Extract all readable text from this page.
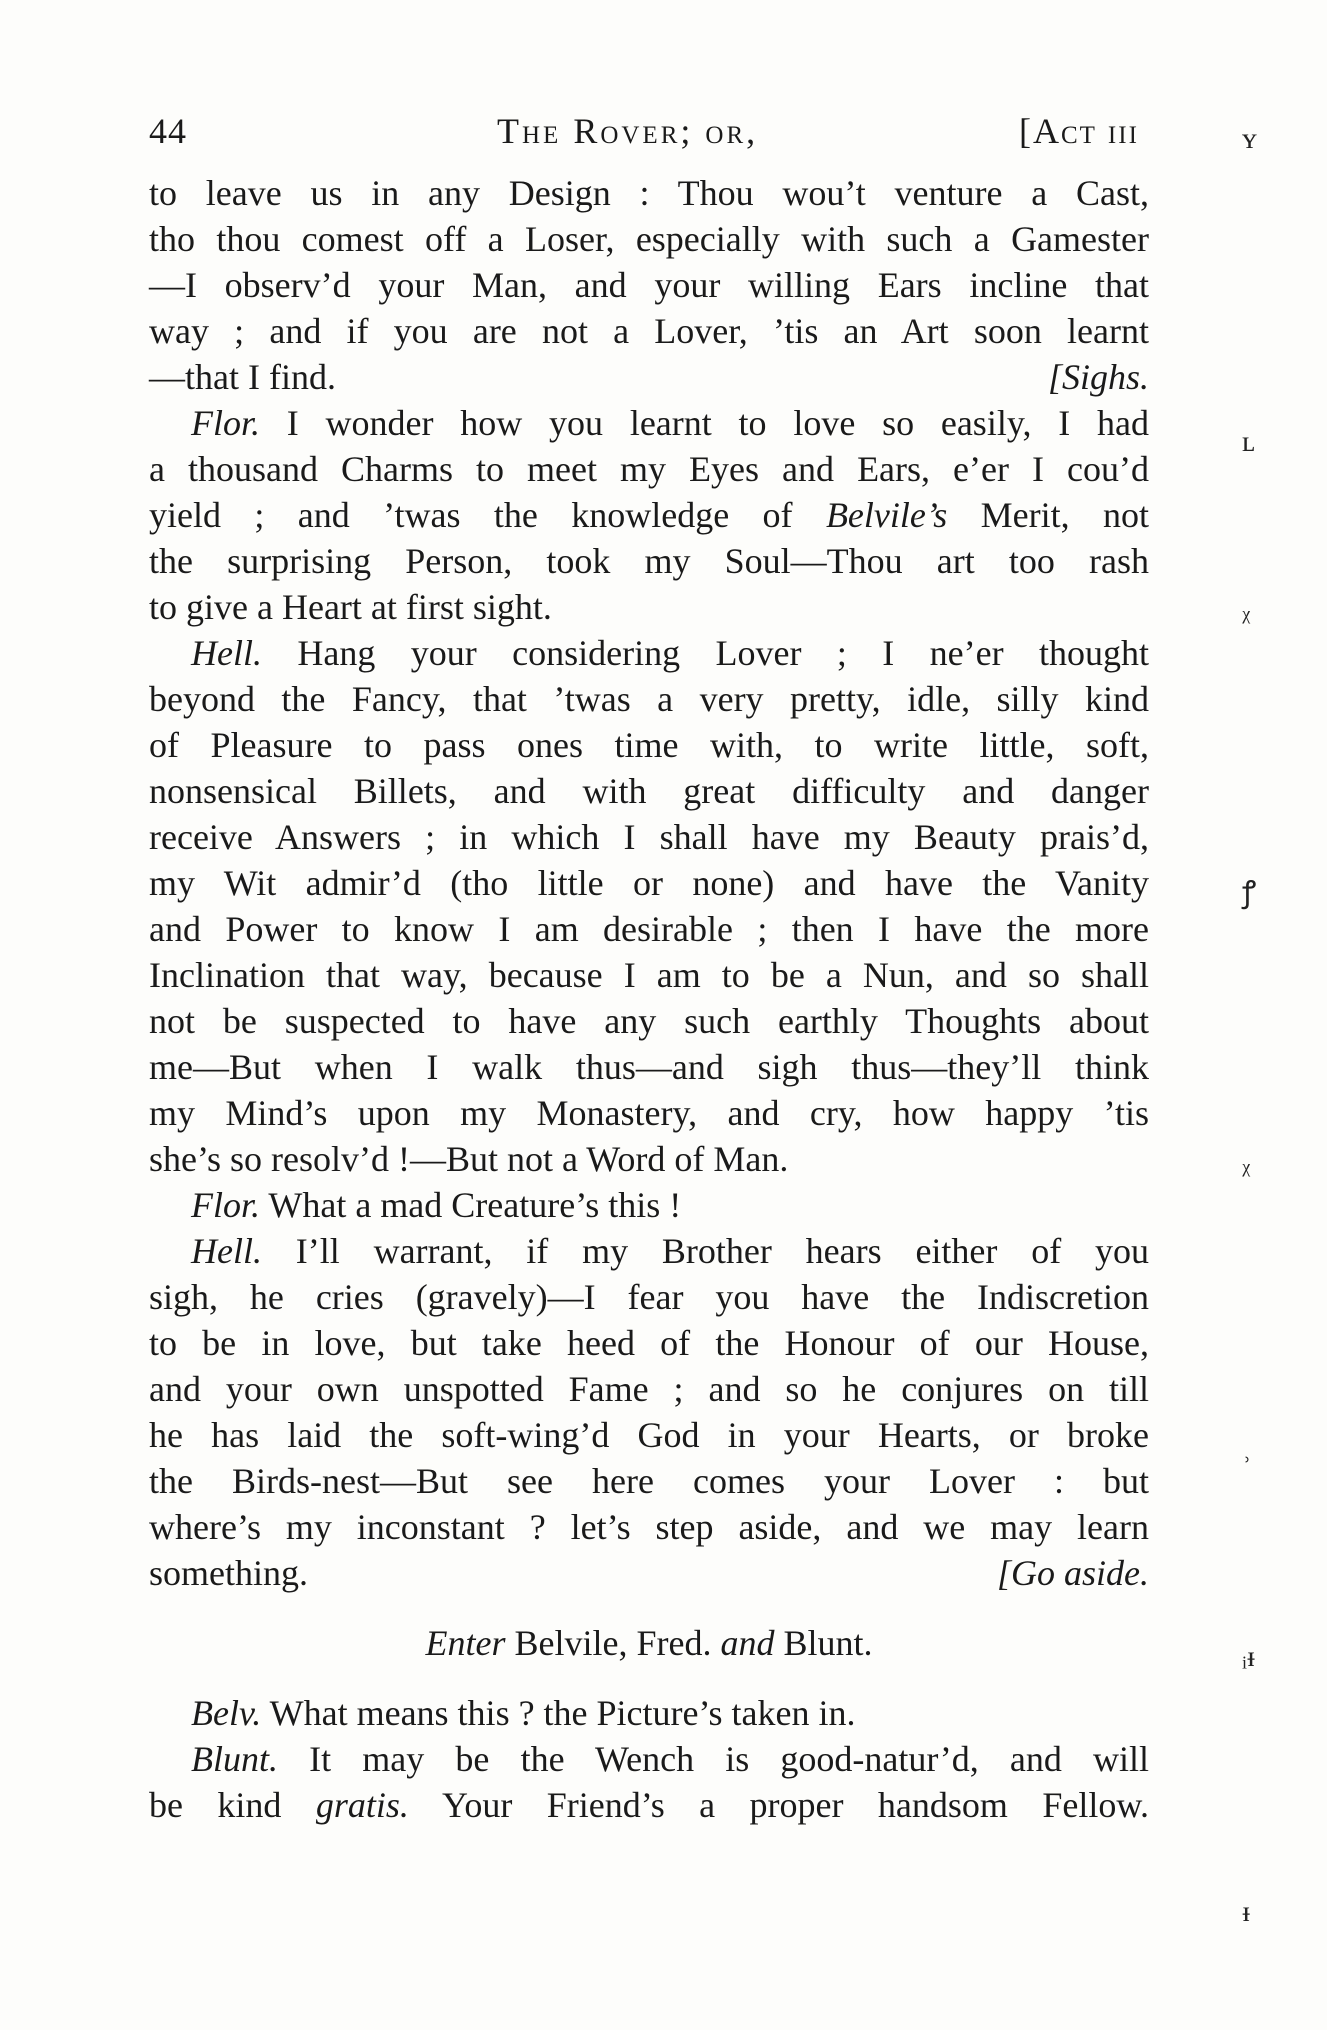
44	The Rover; or,	[Act iii
to leave us in any Design : Thou wou’t venture a Cast,
tho thou comest off a Loser, especially with such a Gamester
—I observ’d your Man, and your willing Ears incline that
way ; and if you are not a Lover, ’tis an Art soon learnt
—that I find.	[Sighs.
Flor. I wonder how you learnt to love so easily, I had
a thousand Charms to meet my Eyes and Ears, e’er I cou’d
yield ; and ’twas the knowledge of Belvile’s Merit, not
the surprising Person, took my Soul—Thou art too rash
to give a Heart at first sight.
Hell. Hang your considering Lover ; I ne’er thought
beyond the Fancy, that ’twas a very pretty, idle, silly kind
of Pleasure to pass ones time with, to write little, soft,
nonsensical Billets, and with great difficulty and danger
receive Answers ; in which I shall have my Beauty prais’d,
my Wit admir’d (tho little or none) and have the Vanity
and Power to know I am desirable ; then I have the more
Inclination that way, because I am to be a Nun, and so shall
not be suspected to have any such earthly Thoughts about
me—But when I walk thus—and sigh thus—they’ll think
my Mind’s upon my Monastery, and cry, how happy ’tis
she’s so resolv’d !—But not a Word of Man.
Flor. What a mad Creature’s this !
Hell. I’ll warrant, if my Brother hears either of you
sigh, he cries (gravely)—I fear you have the Indiscretion
to be in love, but take heed of the Honour of our House,
and your own unspotted Fame ; and so he conjures on till
he has laid the soft-wing’d God in your Hearts, or broke
the Birds-nest—But see here comes your Lover : but
where’s my inconstant ? let’s step aside, and we may learn
something.	[Go aside.
Enter Belvile, Fred. and Blunt.
Belv. What means this ? the Picture’s taken in.
Blunt. It may be the Wench is good-natur’d, and will
be kind gratis. Your Friend’s a proper handsom Fellow.
ʏ
ʟ
ᵡ
ꝭ
ᵡ
˒
ᵢᵻ
ᵻ
